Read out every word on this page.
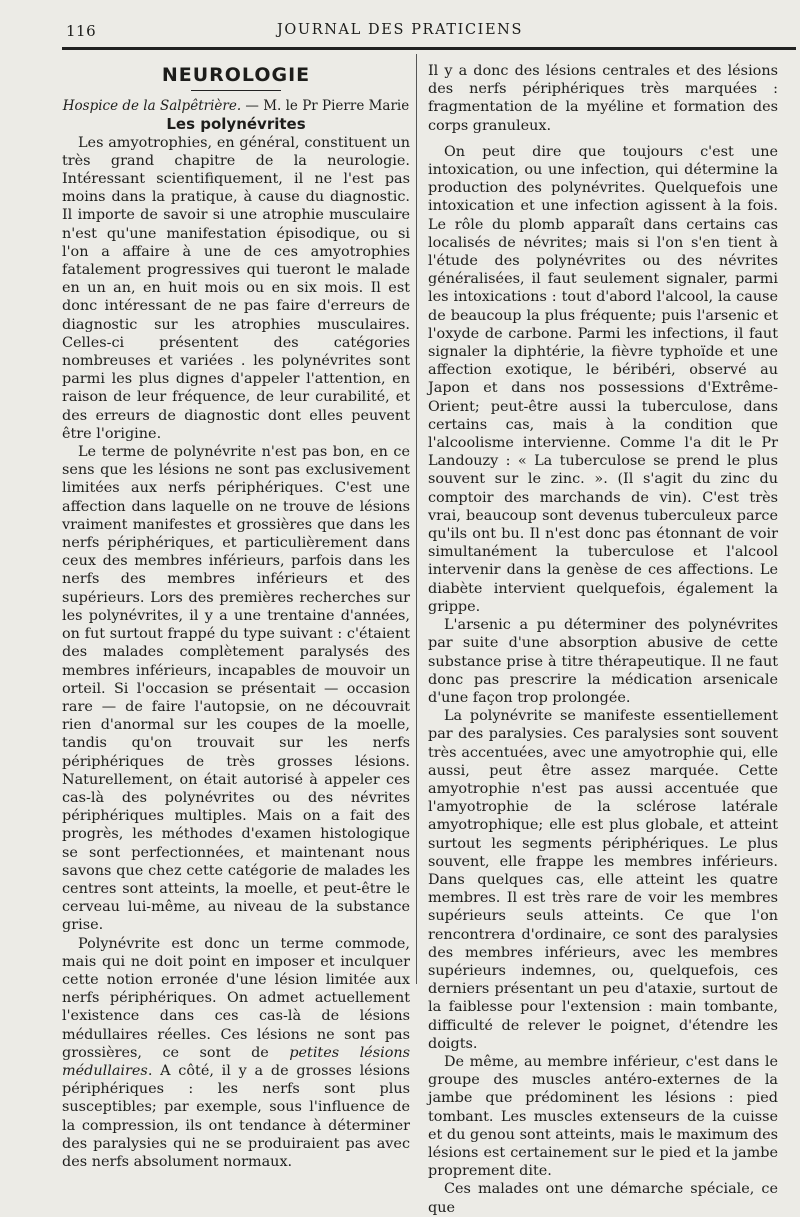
116	JOURNAL DES PRATICIENS
NEUROLOGIE

Hospice de la Salpêtrière. — M. le Pr Pierre Marie

Les polynévrites

Les amyotrophies, en général, constituent un très grand chapitre de la neurologie. Intéressant scientifiquement, il ne l'est pas moins dans la pratique, à cause du diagnostic. Il importe de savoir si une atrophie musculaire n'est qu'une manifestation épisodique, ou si l'on a affaire à une de ces amyotrophies fatalement progressives qui tueront le malade en un an, en huit mois ou en six mois. Il est donc intéressant de ne pas faire d'erreurs de diagnostic sur les atrophies musculaires. Celles-ci présentent des catégories nombreuses et variées . les polynévrites sont parmi les plus dignes d'appeler l'attention, en raison de leur fréquence, de leur curabilité, et des erreurs de diagnostic dont elles peuvent être l'origine.

Le terme de polynévrite n'est pas bon, en ce sens que les lésions ne sont pas exclusivement limitées aux nerfs périphériques. C'est une affection dans laquelle on ne trouve de lésions vraiment manifestes et grossières que dans les nerfs périphériques, et particulièrement dans ceux des membres inférieurs, parfois dans les nerfs des membres inférieurs et des supérieurs. Lors des premières recherches sur les polynévrites, il y a une trentaine d'années, on fut surtout frappé du type suivant : c'étaient des malades complètement paralysés des membres inférieurs, incapables de mouvoir un orteil. Si l'occasion se présentait — occasion rare — de faire l'autopsie, on ne découvrait rien d'anormal sur les coupes de la moelle, tandis qu'on trouvait sur les nerfs périphériques de très grosses lésions. Naturellement, on était autorisé à appeler ces cas-là des polynévrites ou des névrites périphériques multiples. Mais on a fait des progrès, les méthodes d'examen histologique se sont perfectionnées, et maintenant nous savons que chez cette catégorie de malades les centres sont atteints, la moelle, et peut-être le cerveau lui-même, au niveau de la substance grise.

Polynévrite est donc un terme commode, mais qui ne doit point en imposer et inculquer cette notion erronée d'une lésion limitée aux nerfs périphériques. On admet actuellement l'existence dans ces cas-là de lésions médullaires réelles. Ces lésions ne sont pas grossières, ce sont de petites lésions médullaires. A côté, il y a de grosses lésions périphériques : les nerfs sont plus susceptibles; par exemple, sous l'influence de la compression, ils ont tendance à déterminer des paralysies qui ne se produiraient pas avec des nerfs absolument normaux.

Il y a donc des lésions centrales et des lésions des nerfs périphériques très marquées : fragmentation de la myéline et formation des corps granuleux.

On peut dire que toujours c'est une intoxication, ou une infection, qui détermine la production des polynévrites. Quelquefois une intoxication et une infection agissent à la fois. Le rôle du plomb apparaît dans certains cas localisés de névrites; mais si l'on s'en tient à l'étude des polynévrites ou des névrites généralisées, il faut seulement signaler, parmi les intoxications : tout d'abord l'alcool, la cause de beaucoup la plus fréquente; puis l'arsenic et l'oxyde de carbone. Parmi les infections, il faut signaler la diphtérie, la fièvre typhoïde et une affection exotique, le béribéri, observé au Japon et dans nos possessions d'Extrême-Orient; peut-être aussi la tuberculose, dans certains cas, mais à la condition que l'alcoolisme intervienne. Comme l'a dit le Pr Landouzy : « La tuberculose se prend le plus souvent sur le zinc. ». (Il s'agit du zinc du comptoir des marchands de vin). C'est très vrai, beaucoup sont devenus tuberculeux parce qu'ils ont bu. Il n'est donc pas étonnant de voir simultanément la tuberculose et l'alcool intervenir dans la genèse de ces affections. Le diabète intervient quelquefois, également la grippe.

L'arsenic a pu déterminer des polynévrites par suite d'une absorption abusive de cette substance prise à titre thérapeutique. Il ne faut donc pas prescrire la médication arsenicale d'une façon trop prolongée.

La polynévrite se manifeste essentiellement par des paralysies. Ces paralysies sont souvent très accentuées, avec une amyotrophie qui, elle aussi, peut être assez marquée. Cette amyotrophie n'est pas aussi accentuée que l'amyotrophie de la sclérose latérale amyotrophique; elle est plus globale, et atteint surtout les segments périphériques. Le plus souvent, elle frappe les membres inférieurs. Dans quelques cas, elle atteint les quatre membres. Il est très rare de voir les membres supérieurs seuls atteints. Ce que l'on rencontrera d'ordinaire, ce sont des paralysies des membres inférieurs, avec les membres supérieurs indemnes, ou, quelquefois, ces derniers présentant un peu d'ataxie, surtout de la faiblesse pour l'extension : main tombante, difficulté de relever le poignet, d'étendre les doigts.

De même, au membre inférieur, c'est dans le groupe des muscles antéro-externes de la jambe que prédominent les lésions : pied tombant. Les muscles extenseurs de la cuisse et du genou sont atteints, mais le maximum des lésions est certainement sur le pied et la jambe proprement dite.

Ces malades ont une démarche spéciale, ce que
